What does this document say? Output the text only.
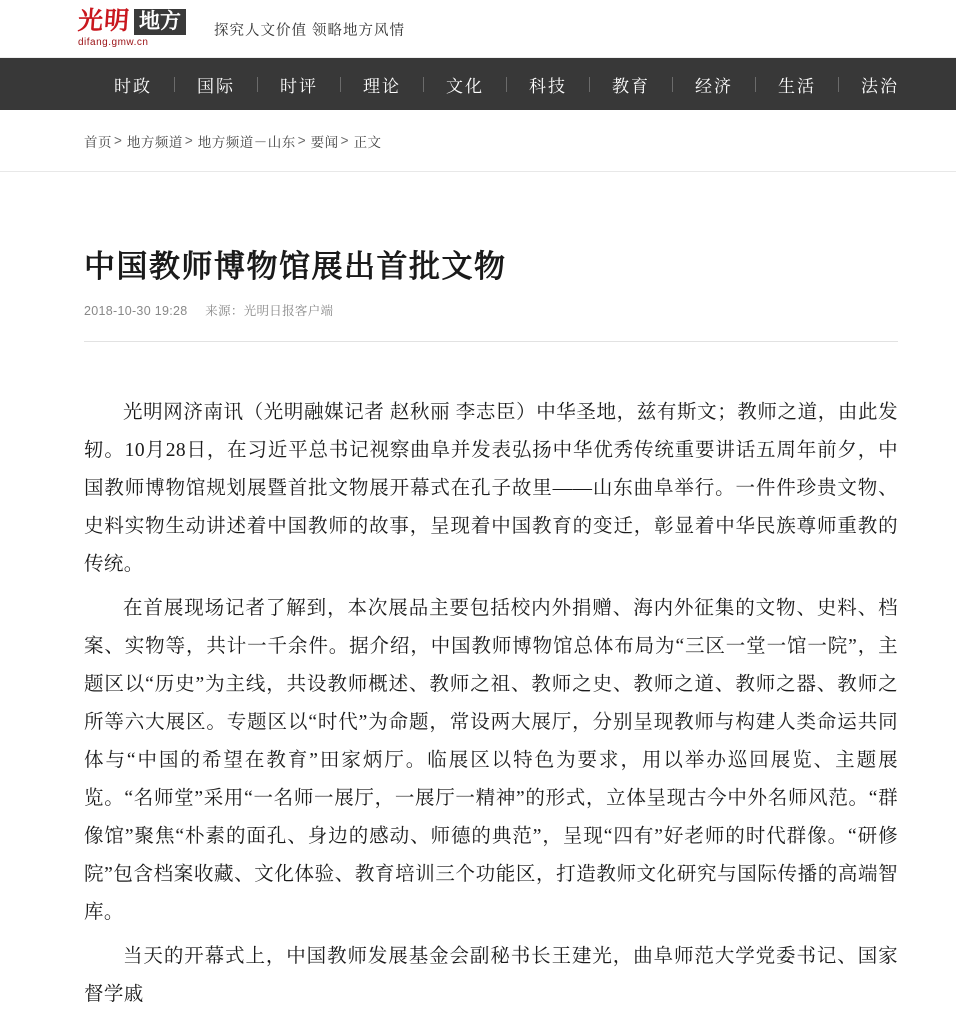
光明 地方
difang.gmw.cn
探究人文价值 领略地方风情
时政	国际	时评	理论	文化	科技	教育	经济	生活	法治
首页 > 地方频道 > 地方频道－山东 > 要闻 > 正文
中国教师博物馆展出首批文物
2018-10-30 19:28 来源：光明日报客户端

光明网济南讯（光明融媒记者 赵秋丽 李志臣）中华圣地，兹有斯文；教师之道，由此发轫。10月28日，在习近平总书记视察曲阜并发表弘扬中华优秀传统重要讲话五周年前夕，中国教师博物馆规划展暨首批文物展开幕式在孔子故里——山东曲阜举行。一件件珍贵文物、史料实物生动讲述着中国教师的故事，呈现着中国教育的变迁，彰显着中华民族尊师重教的传统。

在首展现场记者了解到，本次展品主要包括校内外捐赠、海内外征集的文物、史料、档案、实物等，共计一千余件。据介绍，中国教师博物馆总体布局为“三区一堂一馆一院”，主题区以“历史”为主线，共设教师概述、教师之祖、教师之史、教师之道、教师之器、教师之所等六大展区。专题区以“时代”为命题，常设两大展厅，分别呈现教师与构建人类命运共同体与“中国的希望在教育”田家炳厅。临展区以特色为要求，用以举办巡回展览、主题展览。“名师堂”采用“一名师一展厅，一展厅一精神”的形式，立体呈现古今中外名师风范。“群像馆”聚焦“朴素的面孔、身边的感动、师德的典范”，呈现“四有”好老师的时代群像。“研修院”包含档案收藏、文化体验、教育培训三个功能区，打造教师文化研究与国际传播的高端智库。

当天的开幕式上，中国教师发展基金会副秘书长王建光，曲阜师范大学党委书记、国家督学戚
